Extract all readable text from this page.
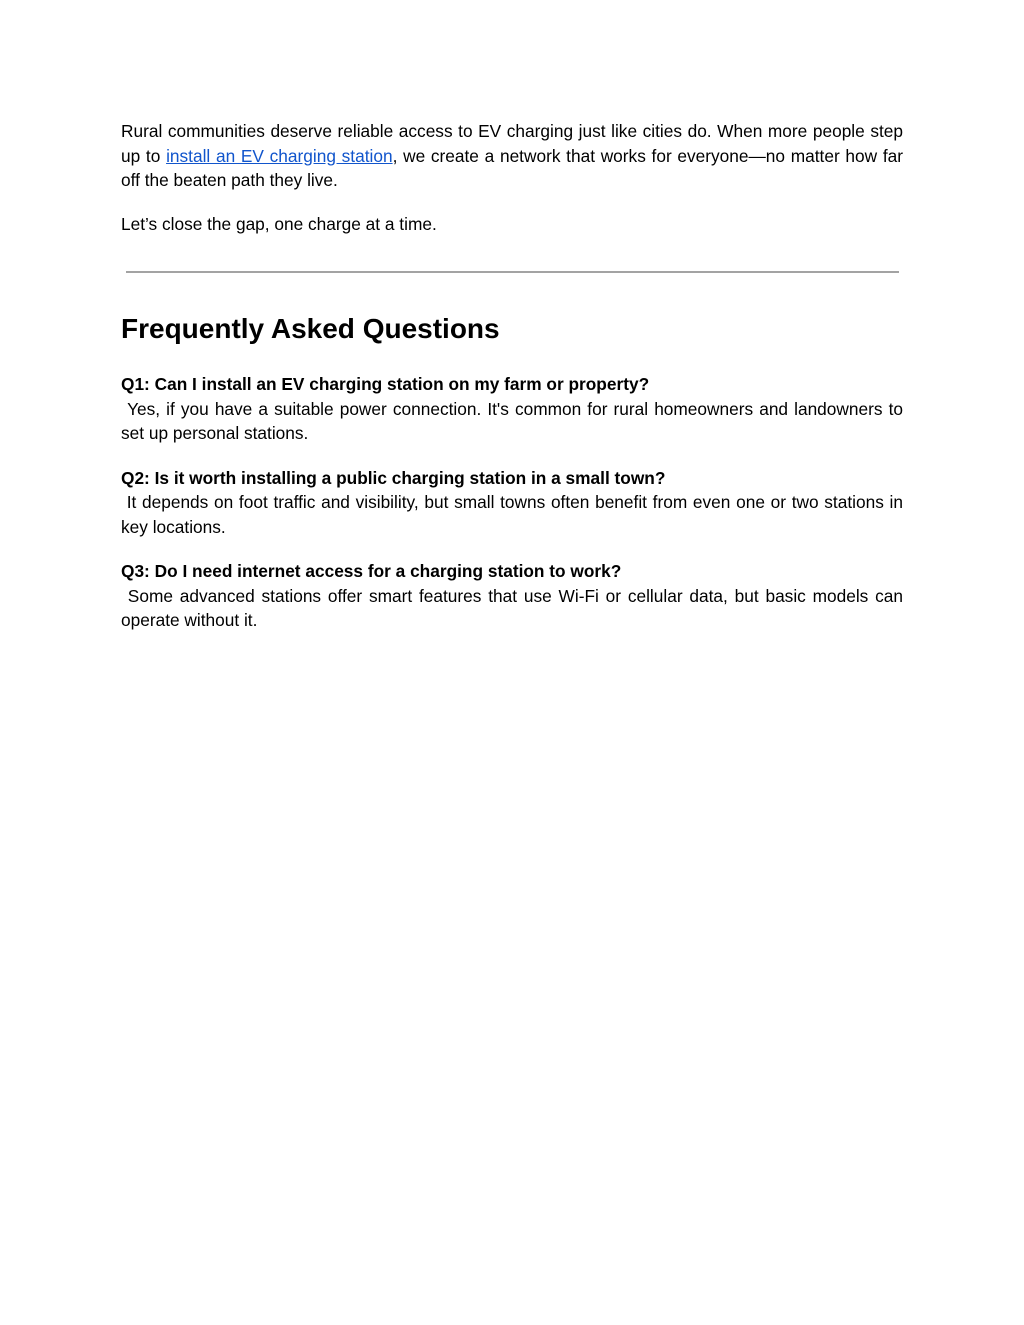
Rural communities deserve reliable access to EV charging just like cities do. When more people step up to install an EV charging station, we create a network that works for everyone—no matter how far off the beaten path they live.

Let’s close the gap, one charge at a time.

Frequently Asked Questions

Q1: Can I install an EV charging station on my farm or property?

Yes, if you have a suitable power connection. It's common for rural homeowners and landowners to set up personal stations.

Q2: Is it worth installing a public charging station in a small town?

It depends on foot traffic and visibility, but small towns often benefit from even one or two stations in key locations.

Q3: Do I need internet access for a charging station to work?

Some advanced stations offer smart features that use Wi-Fi or cellular data, but basic models can operate without it.
